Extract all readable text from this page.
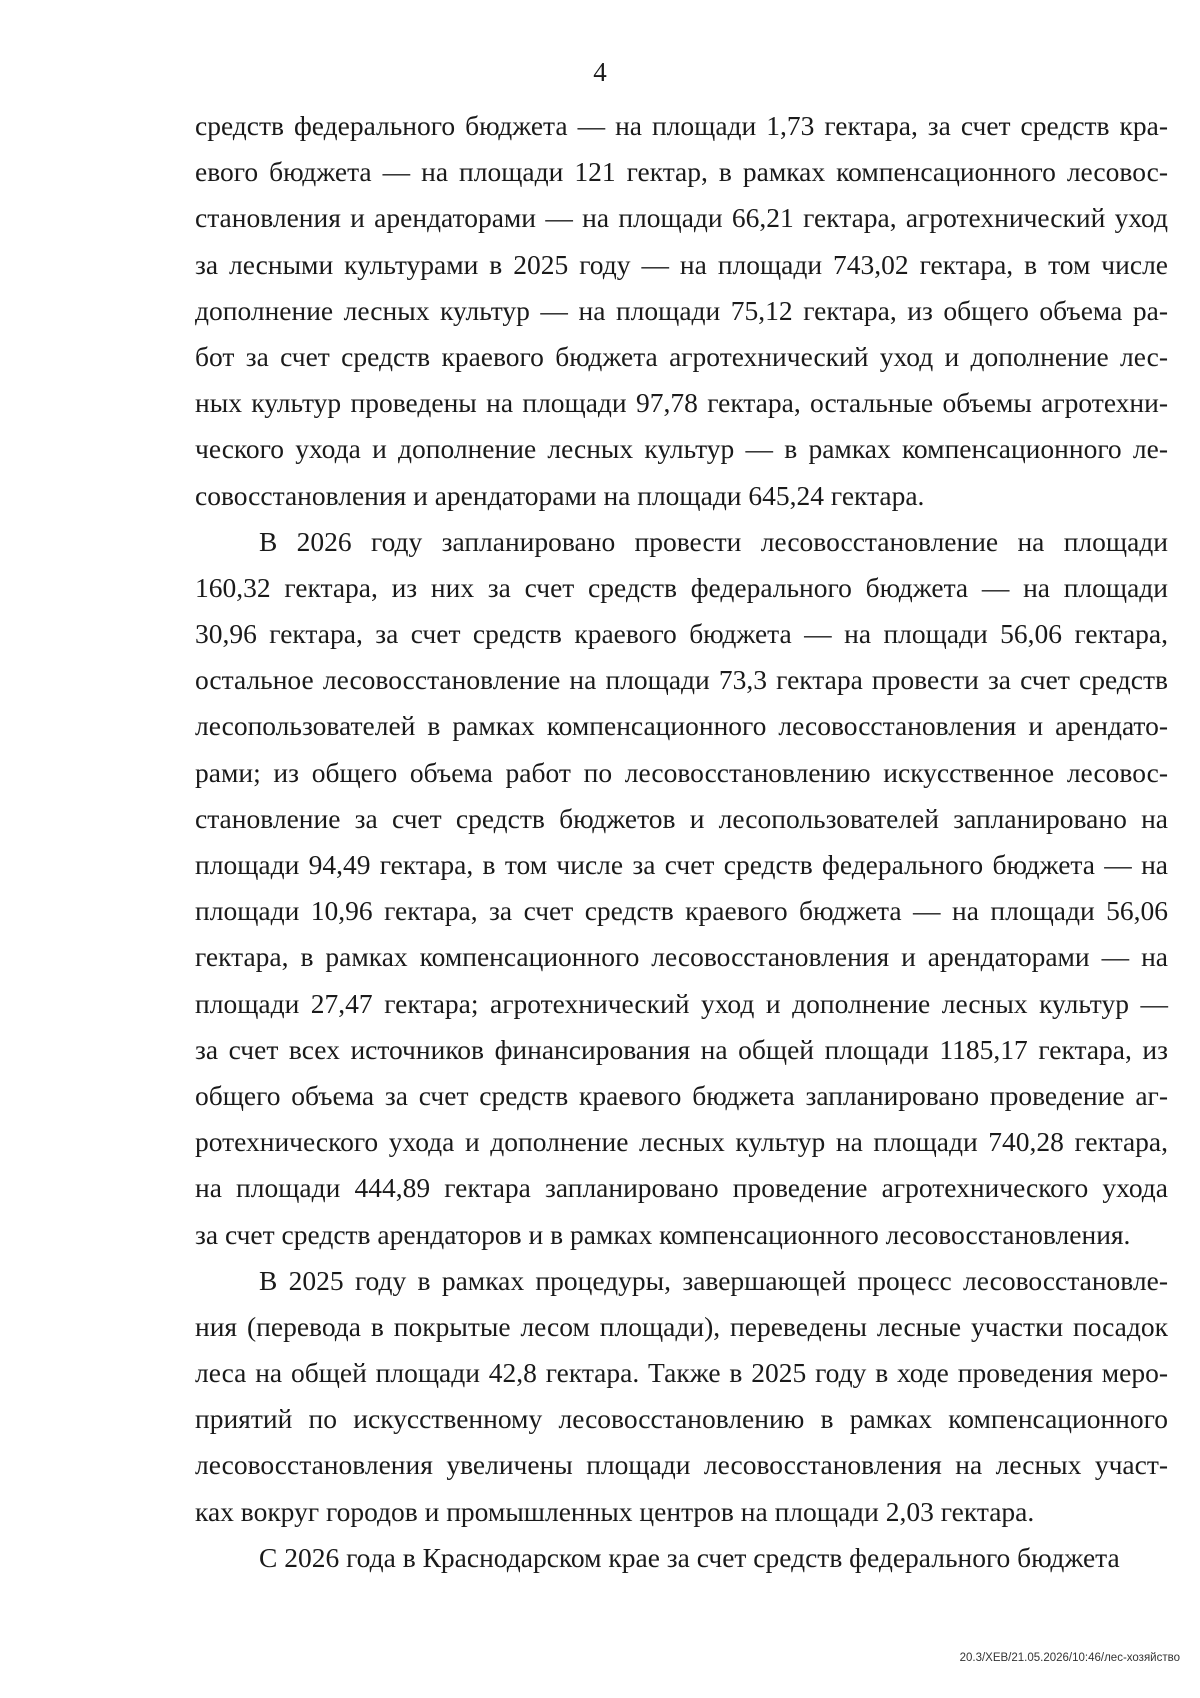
4
средств федерального бюджета — на площади 1,73 гектара, за счет средств кра-
евого бюджета — на площади 121 гектар, в рамках компенсационного лесовос-
становления и арендаторами — на площади 66,21 гектара, агротехнический уход
за лесными культурами в 2025 году — на площади 743,02 гектара, в том числе
дополнение лесных культур — на площади 75,12 гектара, из общего объема ра-
бот за счет средств краевого бюджета агротехнический уход и дополнение лес-
ных культур проведены на площади 97,78 гектара, остальные объемы агротехни-
ческого ухода и дополнение лесных культур — в рамках компенсационного ле-
совосстановления и арендаторами на площади 645,24 гектара.
В 2026 году запланировано провести лесовосстановление на площади
160,32 гектара, из них за счет средств федерального бюджета — на площади
30,96 гектара, за счет средств краевого бюджета — на площади 56,06 гектара,
остальное лесовосстановление на площади 73,3 гектара провести за счет средств
лесопользователей в рамках компенсационного лесовосстановления и арендато-
рами; из общего объема работ по лесовосстановлению искусственное лесовос-
становление за счет средств бюджетов и лесопользователей запланировано на
площади 94,49 гектара, в том числе за счет средств федерального бюджета — на
площади 10,96 гектара, за счет средств краевого бюджета — на площади 56,06
гектара, в рамках компенсационного лесовосстановления и арендаторами — на
площади 27,47 гектара; агротехнический уход и дополнение лесных культур —
за счет всех источников финансирования на общей площади 1185,17 гектара, из
общего объема за счет средств краевого бюджета запланировано проведение аг-
ротехнического ухода и дополнение лесных культур на площади 740,28 гектара,
на площади 444,89 гектара запланировано проведение агротехнического ухода
за счет средств арендаторов и в рамках компенсационного лесовосстановления.
В 2025 году в рамках процедуры, завершающей процесс лесовосстановле-
ния (перевода в покрытые лесом площади), переведены лесные участки посадок
леса на общей площади 42,8 гектара. Также в 2025 году в ходе проведения меро-
приятий по искусственному лесовосстановлению в рамках компенсационного
лесовосстановления увеличены площади лесовосстановления на лесных участ-
ках вокруг городов и промышленных центров на площади 2,03 гектара.
С 2026 года в Краснодарском крае за счет средств федерального бюджета
20.3/ХЕВ/21.05.2026/10:46/лес-хозяйство
